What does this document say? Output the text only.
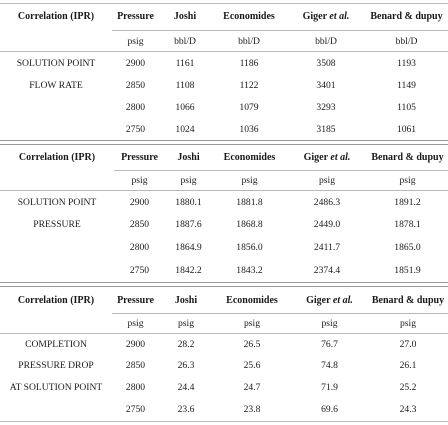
Correlation (IPR)	Pressure	Joshi	Economides	Giger et al.	Benard & dupuy
	psig	bbl/D	bbl/D	bbl/D	bbl/D
SOLUTION POINT	2900	1161	1186	3508	1193
FLOW RATE	2850	1108	1122	3401	1149
	2800	1066	1079	3293	1105
	2750	1024	1036	3185	1061
Correlation (IPR)	Pressure	Joshi	Economides	Giger et al.	Benard & dupuy
	psig	psig	psig	psig	psig
SOLUTION POINT	2900	1880.1	1881.8	2486.3	1891.2
PRESSURE	2850	1887.6	1868.8	2449.0	1878.1
	2800	1864.9	1856.0	2411.7	1865.0
	2750	1842.2	1843.2	2374.4	1851.9
Correlation (IPR)	Pressure	Joshi	Economides	Giger et al.	Benard & dupuy
	psig	psig	psig	psig	psig
COMPLETION	2900	28.2	26.5	76.7	27.0
PRESSURE DROP	2850	26.3	25.6	74.8	26.1
AT SOLUTION POINT	2800	24.4	24.7	71.9	25.2
	2750	23.6	23.8	69.6	24.3
